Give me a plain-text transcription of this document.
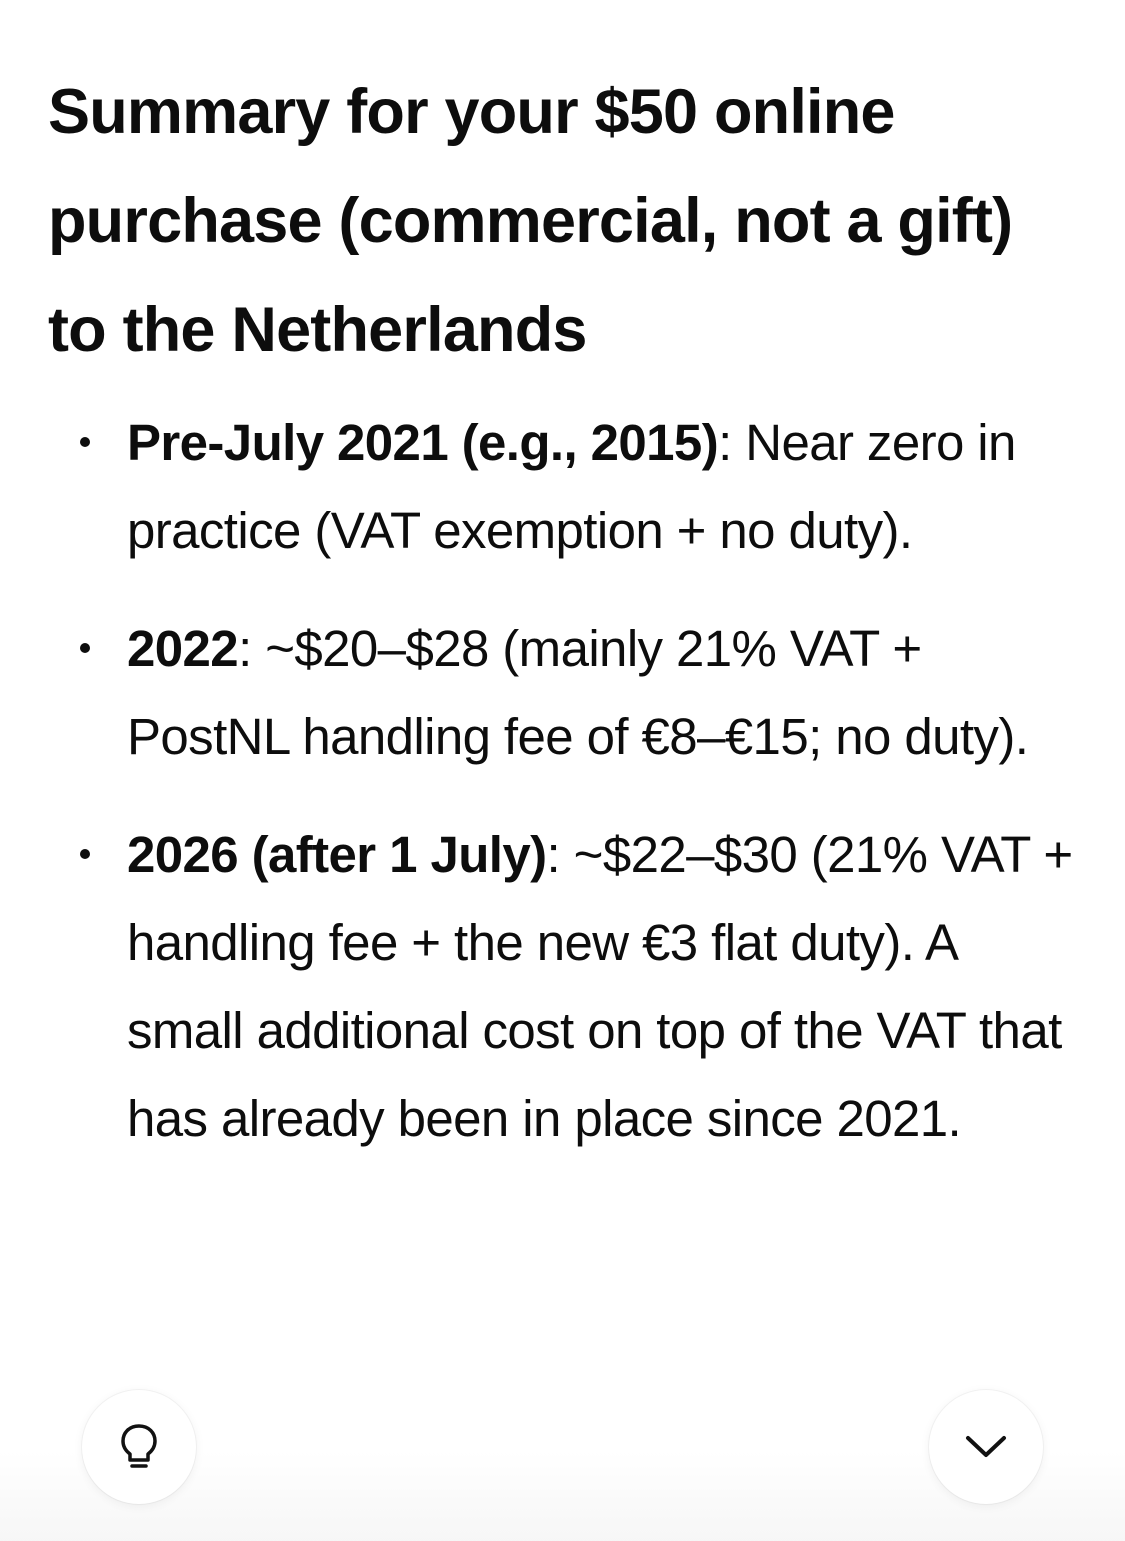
Summary for your $50 online purchase (commercial, not a gift) to the Netherlands
Pre-July 2021 (e.g., 2015): Near zero in practice (VAT exemption + no duty).
2022: ~$20–$28 (mainly 21% VAT + PostNL handling fee of €8–€15; no duty).
2026 (after 1 July): ~$22–$30 (21% VAT + handling fee + the new €3 flat duty). A small additional cost on top of the VAT that has already been in place since 2021.
